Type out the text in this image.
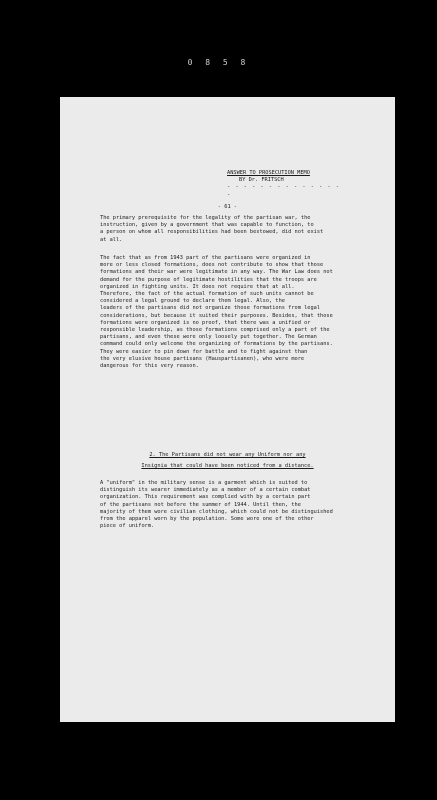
0 8 5 8
ANSWER TO PROSECUTION MEMO
BY Dr. FRITSCH
- - - - - - - - - - - - - - -
- 61 -

The primary prerequisite for the legality of the partisan war, the
instruction, given by a government that was capable to function, to
a person on whom all responsibilities had been bestowed, did not exist
at all.

The fact that as from 1943 part of the partisans were organized in
more or less closed formations, does not contribute to show that those
formations and their war were legitimate in any way. The War Law does not
demand for the purpose of legitimate hostilities that the troops are
organized in fighting units. It does not require that at all.
Therefore, the fact of the actual formation of such units cannot be
considered a legal ground to declare them legal. Also, the
leaders of the partisans did not organize those formations from legal
considerations, but because it suited their purposes. Besides, that those
formations were organized is no proof, that there was a unified or
responsible leadership, as those formations comprised only a part of the
partisans, and even these were only loosely put together. The German
command could only welcome the organizing of formations by the partisans.
They were easier to pin down for battle and to fight against than
the very elusive house partisans (Hauspartisanen), who were more
dangerous for this very reason.

2. The Partisans did not wear any Uniform nor any
Insignia that could have been noticed from a distance.

A "uniform" in the military sense is a garment which is suited to
distinguish its wearer immediately as a member of a certain combat
organization. This requirement was complied with by a certain part
of the partisans not before the summer of 1944. Until then, the
majority of them wore civilian clothing, which could not be distinguished
from the apparel worn by the population. Some wore one of the other
piece of uniform.
